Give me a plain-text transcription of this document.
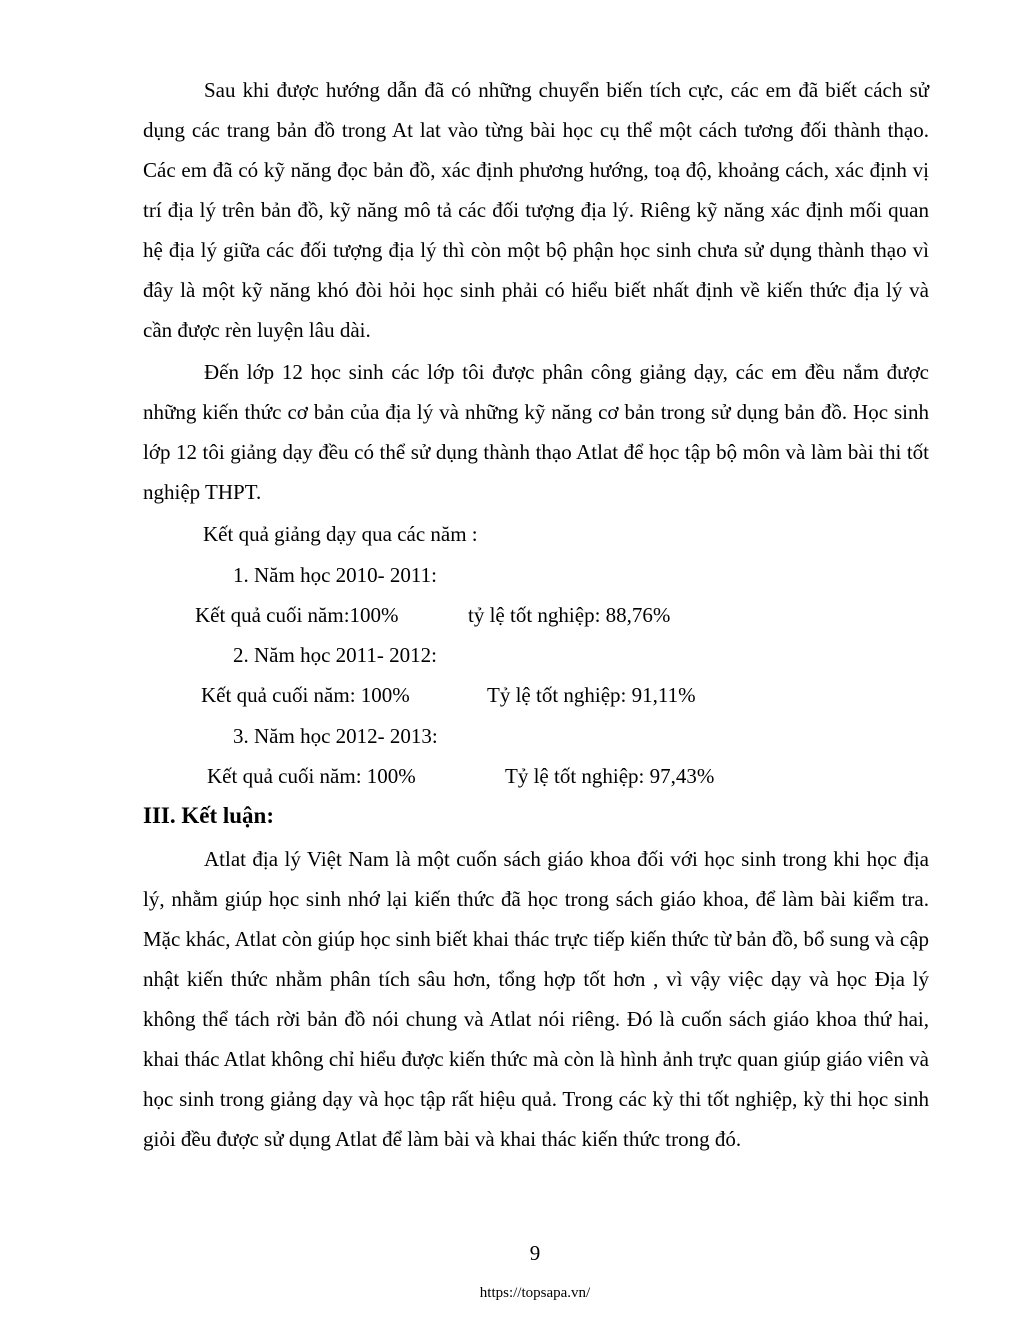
Sau khi được hướng dẫn đã có những chuyển biến tích cực, các em đã biết cách sử dụng các trang bản đồ trong At lat vào từng bài học cụ thể một cách tương đối thành thạo. Các em đã có kỹ năng đọc bản đồ, xác định phương hướng, toạ độ, khoảng cách, xác định vị trí địa lý trên bản đồ, kỹ năng mô tả các đối tượng địa lý. Riêng kỹ năng xác định mối quan hệ địa lý giữa các đối tượng địa lý thì còn một bộ phận học sinh chưa sử dụng thành thạo vì đây là một kỹ năng khó đòi hỏi học sinh phải có hiểu biết nhất định về kiến thức địa lý và cần được rèn luyện lâu dài.

Đến lớp 12 học sinh các lớp tôi được phân công giảng dạy, các em đều nắm được những kiến thức cơ bản của địa lý và những kỹ năng cơ bản trong sử dụng bản đồ. Học sinh lớp 12 tôi giảng dạy đều có thể sử dụng thành thạo Atlat để học tập bộ môn và làm bài thi tốt nghiệp THPT.

Kết quả giảng dạy qua các năm :
1. Năm học 2010- 2011:
Kết quả cuối năm:100%	tỷ lệ tốt nghiệp: 88,76%
2. Năm học 2011- 2012:
Kết quả cuối năm: 100%	Tỷ lệ tốt nghiệp: 91,11%
3. Năm học 2012- 2013:
Kết quả cuối năm: 100%	Tỷ lệ tốt nghiệp: 97,43%
III. Kết luận:

Atlat địa lý Việt Nam là một cuốn sách giáo khoa đối với học sinh trong khi học địa lý, nhằm giúp học sinh nhớ lại kiến thức đã học trong sách giáo khoa, để làm bài kiểm tra. Mặc khác, Atlat còn giúp học sinh biết khai thác trực tiếp kiến thức từ bản đồ, bổ sung và cập nhật kiến thức nhằm phân tích sâu hơn, tổng hợp tốt hơn , vì vậy việc dạy và học Địa lý không thể tách rời bản đồ nói chung và Atlat nói riêng. Đó là cuốn sách giáo khoa thứ hai, khai thác Atlat không chỉ hiểu được kiến thức mà còn là hình ảnh trực quan giúp giáo viên và học sinh trong giảng dạy và học tập rất hiệu quả. Trong các kỳ thi tốt nghiệp, kỳ thi học sinh giỏi đều được sử dụng Atlat để làm bài và khai thác kiến thức trong đó.

9
https://topsapa.vn/
